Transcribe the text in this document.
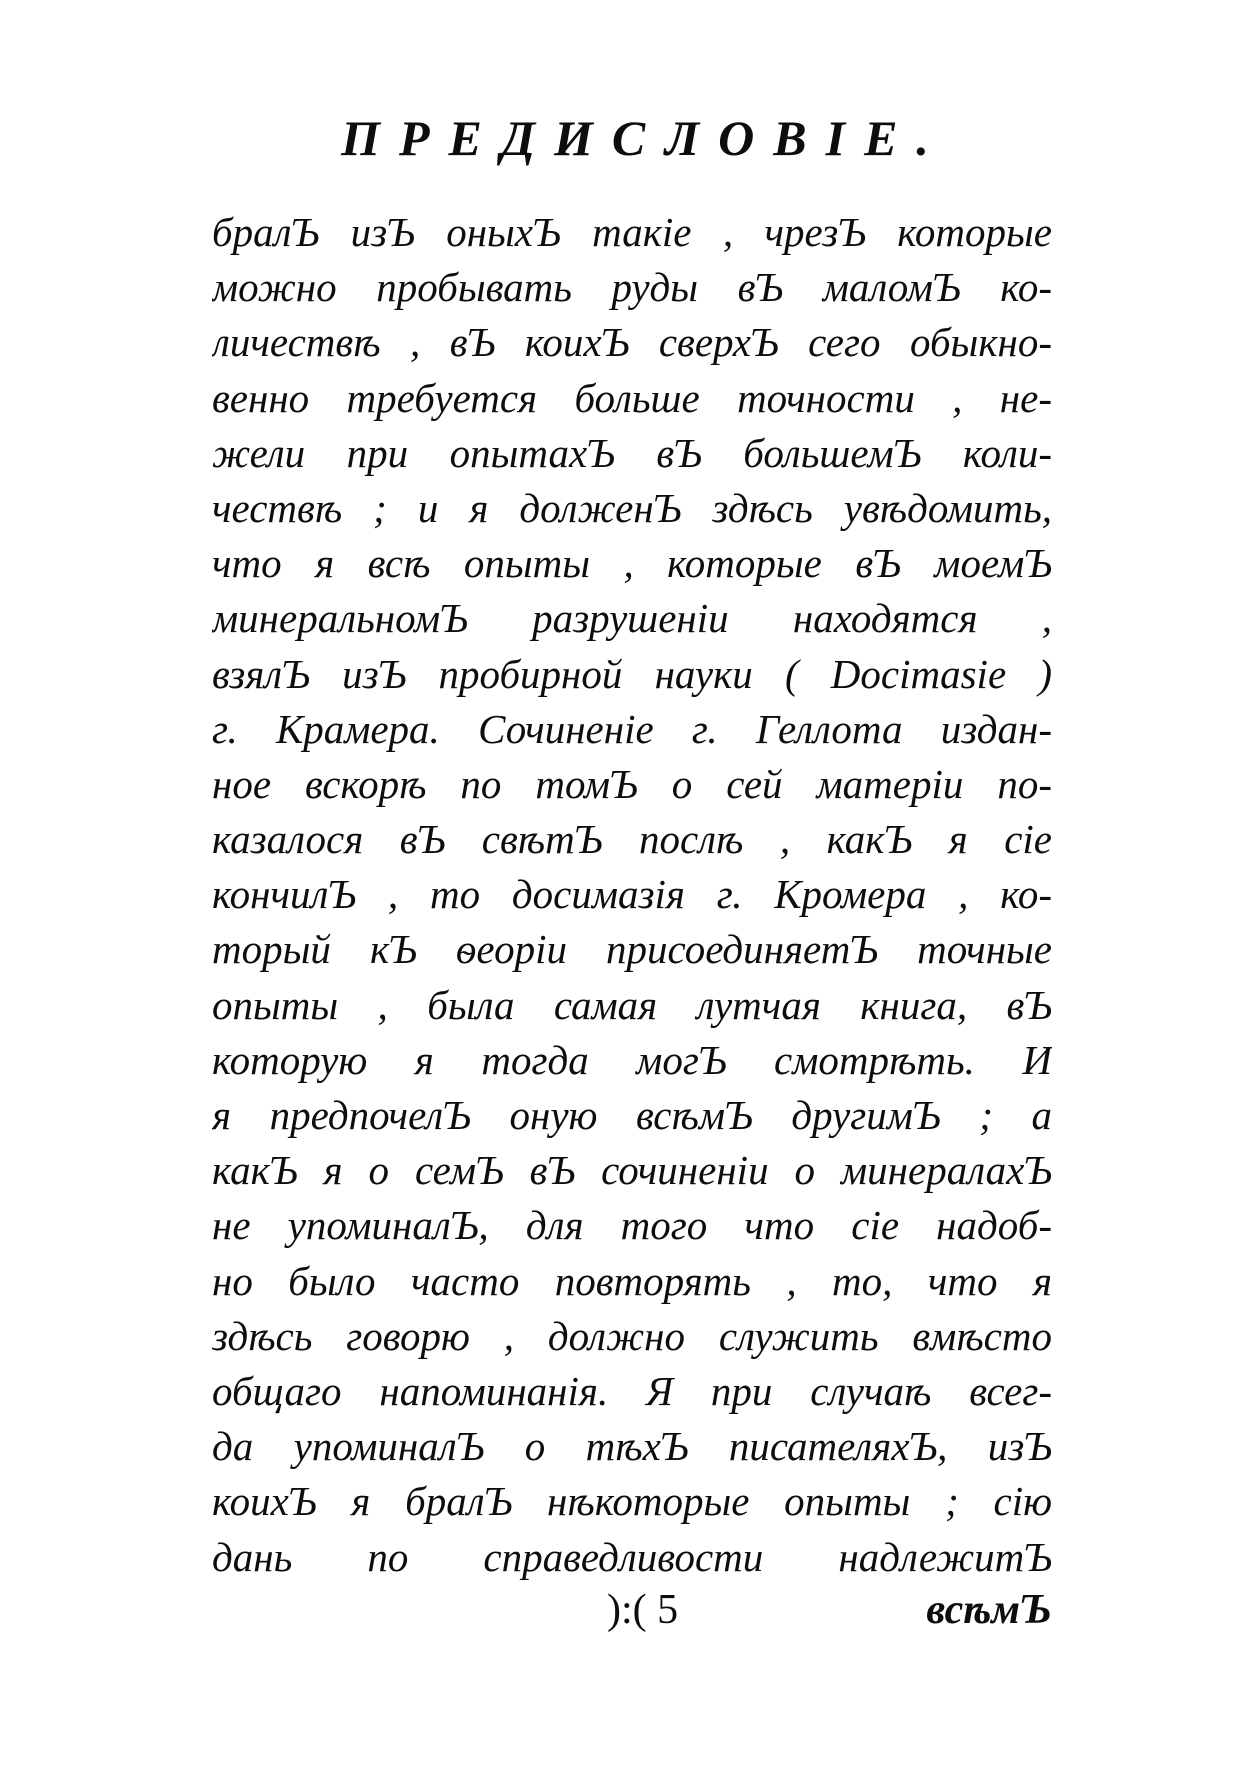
ПРЕДИСЛОВІЕ.
бралЪ изЪ оныхЪ такіе , чрезЪ которые
можно пробывать руды вЪ маломЪ ко-
личествѣ , вЪ коихЪ сверхЪ сего обыкно-
венно требуется больше точности , не-
жели при опытахЪ вЪ большемЪ коли-
чествѣ ; и я долженЪ здѣсь увѣдомить,
что я всѣ опыты , которые вЪ моемЪ
минеральномЪ разрушеніи находятся ,
взялЪ изЪ пробирной науки ( Docimasie )
г. Крамера. Сочиненіе г. Геллота издан-
ное вскорѣ по томЪ о сей матеріи по-
казалося вЪ свѣтЪ послѣ , какЪ я сіе
кончилЪ , то досимазія г. Кромера , ко-
торый кЪ ѳеоріи присоединяетЪ точные
опыты , была самая лутчая книга, вЪ
которую я тогда могЪ смотрѣть. И
я предпочелЪ оную всѣмЪ другимЪ ; а
какЪ я о семЪ вЪ сочиненіи о минералахЪ
не упоминалЪ, для того что сіе надоб-
но было часто повторять , то, что я
здѣсь говорю , должно служить вмѣсто
общаго напоминанія. Я при случаѣ всег-
да упоминалЪ о тѣхЪ писателяхЪ, изЪ
коихЪ я бралЪ нѣкоторые опыты ; сію
дань по справедливости надлежитЪ
):( 5	всѣмЪ
